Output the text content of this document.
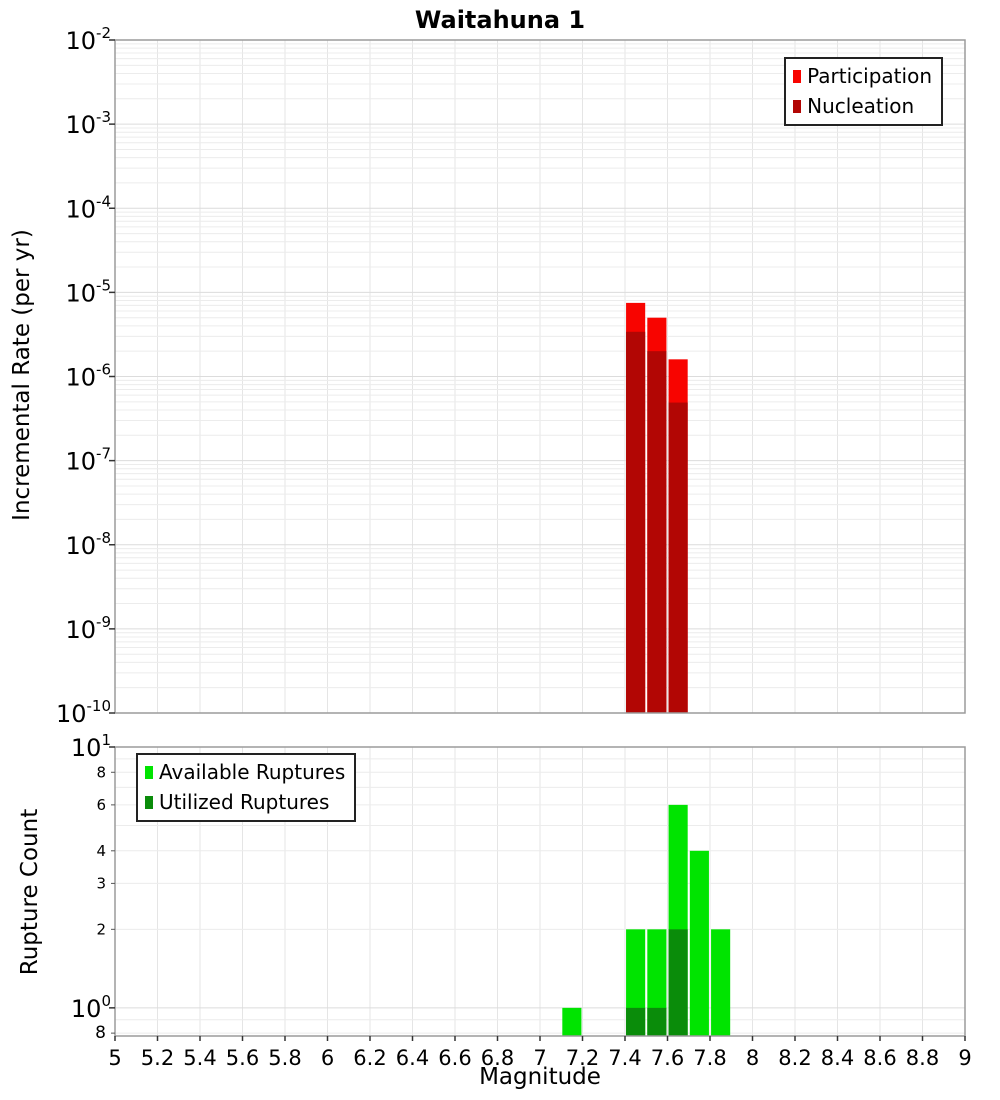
$10^{-2}$
$10^{-3}$
$10^{-4}$
$10^{-5}$
$10^{-6}$
$10^{-7}$
$10^{-8}$
$10^{-9}$
$10^{-10}$
$10^1$
$10^0$
8
6
4
3
2
8
5 5.2 5.4 5.6 5.8 6 6.2 6.4 6.6 6.8 7 7.2 7.4 7.6 7.8 8 8.2 8.4 8.6 8.8 9
Waitahuna 1
Incremental Rate (per yr)
Rupture Count
Magnitude
Participation
Nucleation
Available Ruptures
Utilized Ruptures
